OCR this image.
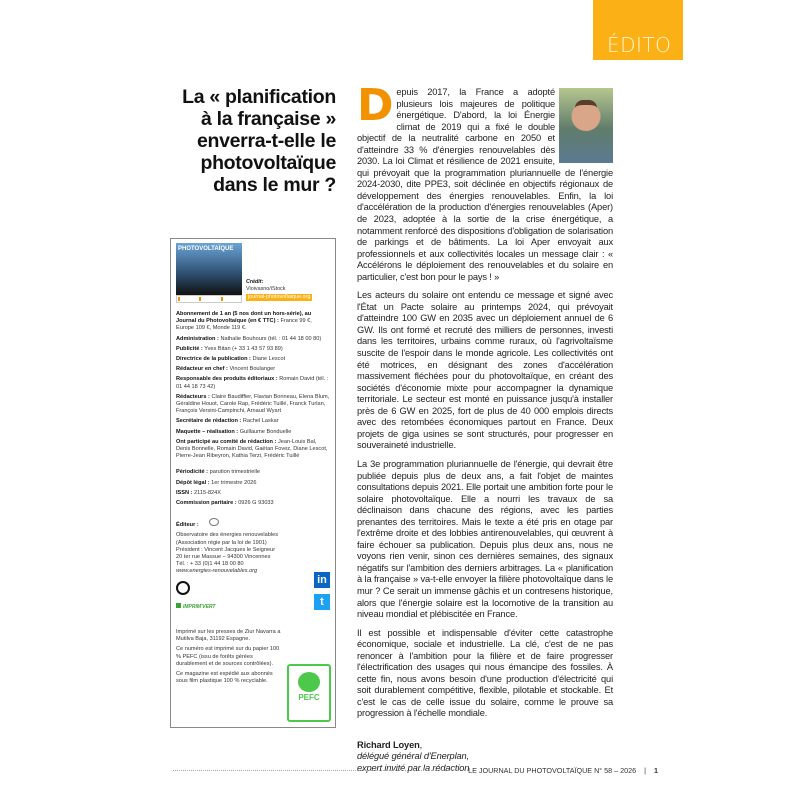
ÉDITO
La « planification à la française » enverra-t-elle le photovoltaïque dans le mur ?
PHOTOVOLTAÏQUE
Crédit:
Vioivasno/iStock
journal-photovoltaique.org
Abonnement de 1 an (5 nos dont un hors-série), au Journal du Photovoltaïque (en € TTC) : France 99 €, Europe 109 €, Monde 119 €.
Administration : Nathalie Bouhours (tél. : 01 44 18 00 80)
Publicité : Yves Bitan (+ 33 1 43 57 93 89)
Directrice de la publication : Diane Lescot
Rédacteur en chef : Vincent Boulanger
Responsable des produits éditoriaux : Romain David (tél. : 01 44 18 73 42)
Rédacteurs : Claire Baudiffier, Flavian Bonneau, Elena Blum, Géraldine Houot, Carole Rap, Frédéric Tuillé, Franck Turlan, François Versini-Campinchi, Arnaud Wyart
Secrétaire de rédaction : Rachel Laskar
Maquette – réalisation : Guillaume Bonduelle
Ont participé au comité de rédaction : Jean-Louis Bal, Denis Bonnelle, Romain David, Gaëtan Fovez, Diane Lescot, Pierre-Jean Ribeyron, Kathia Terzi, Frédéric Tuillé
Périodicité : parution trimestrielle
Dépôt légal : 1er trimestre 2026
ISSN : 2115-824X
Commission paritaire : 0926 G 93033
Éditeur :
Observatoire des énergies renouvelables
(Association régie par la loi de 1901)
Président : Vincent Jacques le Seigneur
20 ter rue Massue – 94300 Vincennes
Tél. : + 33 (0)1 44 18 00 80
www.energies-renouvelables.org
IMPRIM'VERT
Imprimé sur les presses de Ziur Navarra a Mutilva Baja, 31192 Espagne.
Ce numéro est imprimé sur du papier 100 % PEFC (issu de forêts gérées durablement et de sources contrôlées).
Ce magazine est expédié aux abonnés sous film plastique 100 % recyclable.
in
t
PEFC

Depuis 2017, la France a adopté plusieurs lois majeures de politique énergétique. D'abord, la loi Énergie climat de 2019 qui a fixé le double objectif de la neutralité carbone en 2050 et d'atteindre 33 % d'énergies renouvelables dès 2030. La loi Climat et résilience de 2021 ensuite, qui prévoyait que la programmation pluriannuelle de l'énergie 2024-2030, dite PPE3, soit déclinée en objectifs régionaux de développement des énergies renouvelables. Enfin, la loi d'accélération de la production d'énergies renouvelables (Aper) de 2023, adoptée à la sortie de la crise énergétique, a notamment renforcé des dispositions d'obligation de solarisation de parkings et de bâtiments. La loi Aper envoyait aux professionnels et aux collectivités locales un message clair : « Accélérons le déploiement des renouvelables et du solaire en particulier, c'est bon pour le pays ! »

Les acteurs du solaire ont entendu ce message et signé avec l'État un Pacte solaire au printemps 2024, qui prévoyait d'atteindre 100 GW en 2035 avec un déploiement annuel de 6 GW. Ils ont formé et recruté des milliers de personnes, investi dans les territoires, urbains comme ruraux, où l'agrivoltaïsme suscite de l'espoir dans le monde agricole. Les collectivités ont été motrices, en désignant des zones d'accélération massivement fléchées pour du photovoltaïque, en créant des sociétés d'économie mixte pour accompagner la dynamique territoriale. Le secteur est monté en puissance jusqu'à installer près de 6 GW en 2025, fort de plus de 40 000 emplois directs avec des retombées économiques partout en France. Deux projets de giga usines se sont structurés, pour progresser en souveraineté industrielle.

La 3e programmation pluriannuelle de l'énergie, qui devrait être publiée depuis plus de deux ans, a fait l'objet de maintes consultations depuis 2021. Elle portait une ambition forte pour le solaire photovoltaïque. Elle a nourri les travaux de sa déclinaison dans chacune des régions, avec les parties prenantes des territoires. Mais le texte a été pris en otage par l'extrême droite et des lobbies antirenouvelables, qui œuvrent à faire échouer sa publication. Depuis plus deux ans, nous ne voyons rien venir, sinon ces dernières semaines, des signaux négatifs sur l'ambition des derniers arbitrages. La « planification à la française » va-t-elle envoyer la filière photovoltaïque dans le mur ? Ce serait un immense gâchis et un contresens historique, alors que l'énergie solaire est la locomotive de la transition au niveau mondial et plébiscitée en France.

Il est possible et indispensable d'éviter cette catastrophe économique, sociale et industrielle. La clé, c'est de ne pas renoncer à l'ambition pour la filière et de faire progresser l'électrification des usages qui nous émancipe des fossiles. À cette fin, nous avons besoin d'une production d'électricité qui soit durablement compétitive, flexible, pilotable et stockable. Et c'est le cas de celle issue du solaire, comme le prouve sa progression à l'échelle mondiale.

Richard Loyen,
délégué général d'Enerplan,
expert invité par la rédaction
LE JOURNAL DU PHOTOVOLTAÏQUE N° 58 – 2026 | 1
